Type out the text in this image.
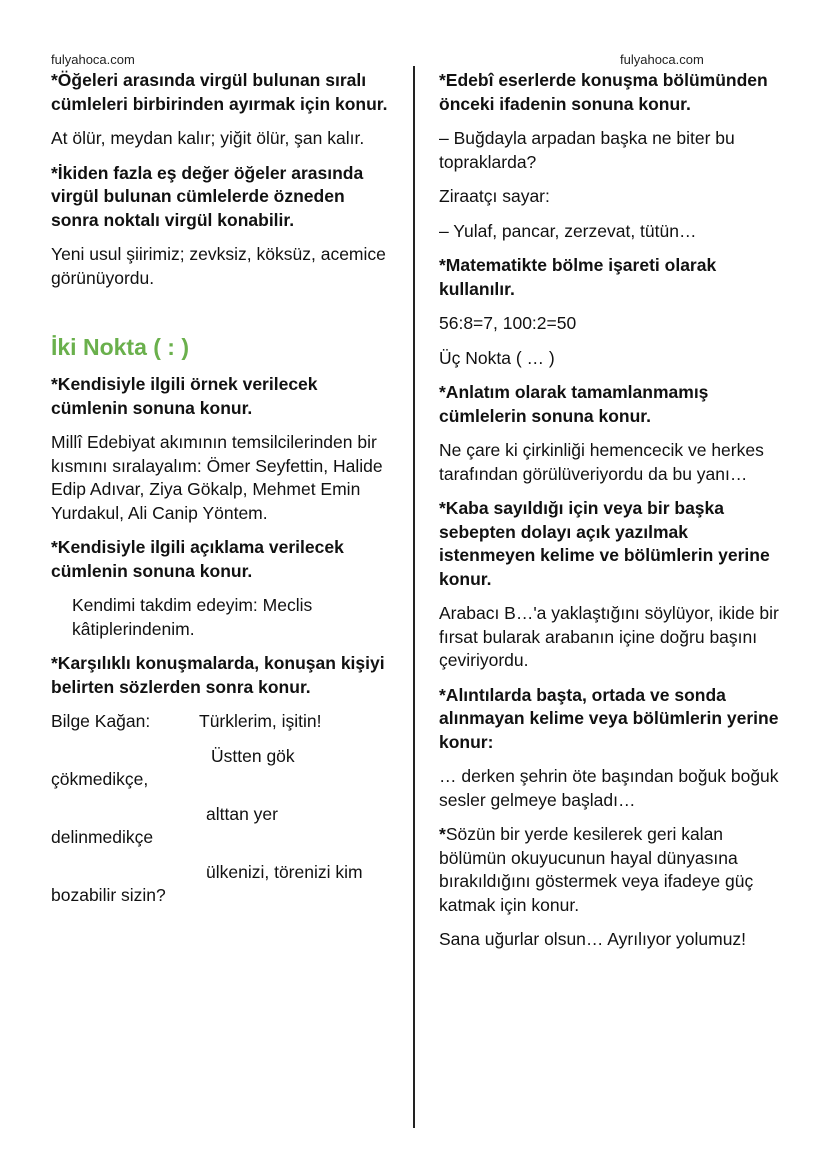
fulyahoca.com	fulyahoca.com
*Öğeleri arasında virgül bulunan sıralı cümleleri birbirinden ayırmak için konur.
At ölür, meydan kalır; yiğit ölür, şan kalır.
*İkiden fazla eş değer öğeler arasında virgül bulunan cümlelerde özneden sonra noktalı virgül konabilir.
Yeni usul şiirimiz; zevksiz, köksüz, acemice görünüyordu.
İki Nokta ( : )
*Kendisiyle ilgili örnek verilecek cümlenin sonuna konur.
Millî Edebiyat akımının temsilcilerinden bir kısmını sıralayalım: Ömer Seyfettin, Halide Edip Adıvar, Ziya Gökalp, Mehmet Emin Yurdakul, Ali Canip Yöntem.
*Kendisiyle ilgili açıklama verilecek cümlenin sonuna konur.
Kendimi takdim edeyim: Meclis kâtiplerindenim.
*Karşılıklı konuşmalarda, konuşan kişiyi belirten sözlerden sonra konur.
Bilge Kağan:	Türklerim, işitin!
Üstten gök
çökmedikçe,
alttan yer
delinmedikçe
ülkenizi, törenizi kim
bozabilir sizin?
*Edebî eserlerde konuşma bölümünden önceki ifadenin sonuna konur.
– Buğdayla arpadan başka ne biter bu topraklarda?
Ziraatçı sayar:
– Yulaf, pancar, zerzevat, tütün…
*Matematikte bölme işareti olarak kullanılır.
56:8=7, 100:2=50
Üç Nokta ( … )
*Anlatım olarak tamamlanmamış cümlelerin sonuna konur.
Ne çare ki çirkinliği hemencecik ve herkes tarafından görülüveriyordu da bu yanı…
*Kaba sayıldığı için veya bir başka sebepten dolayı açık yazılmak istenmeyen kelime ve bölümlerin yerine konur.
Arabacı B…'a yaklaştığını söylüyor, ikide bir fırsat bularak arabanın içine doğru başını çeviriyordu.
*Alıntılarda başta, ortada ve sonda alınmayan kelime veya bölümlerin yerine konur:
… derken şehrin öte başından boğuk boğuk sesler gelmeye başladı…
*Sözün bir yerde kesilerek geri kalan bölümün okuyucunun hayal dünyasına bırakıldığını göstermek veya ifadeye güç katmak için konur.
Sana uğurlar olsun… Ayrılıyor yolumuz!
